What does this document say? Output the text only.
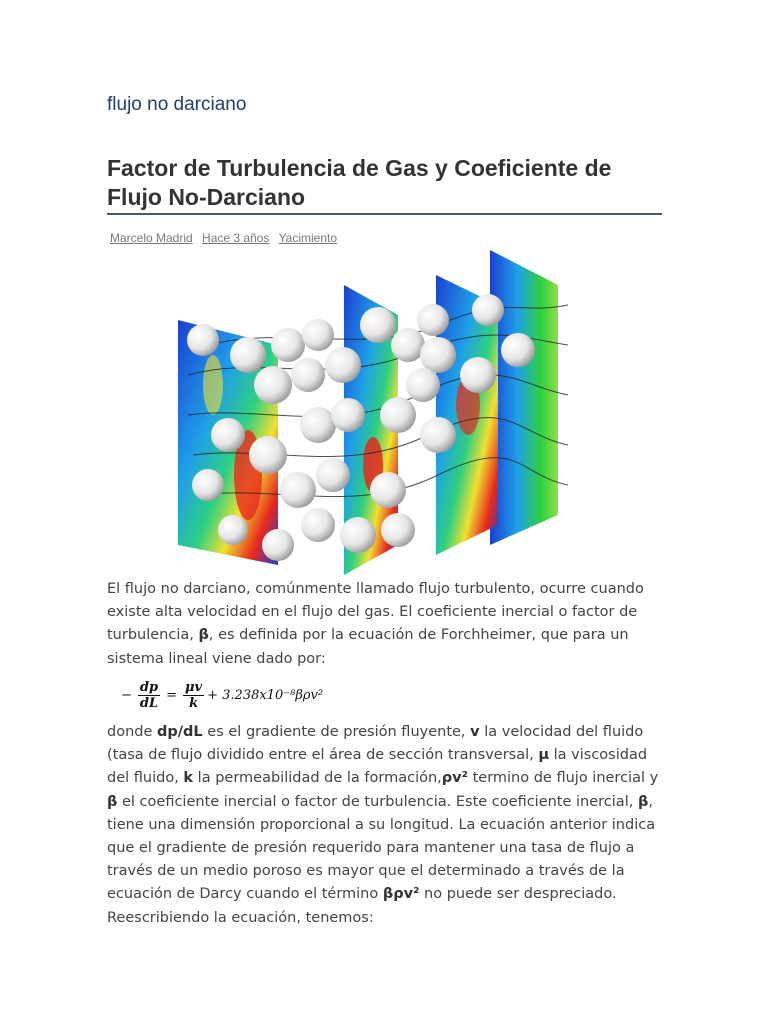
flujo no darciano
Factor de Turbulencia de Gas y Coeficiente de Flujo No-Darciano
Marcelo Madrid Hace 3 años Yacimiento

El flujo no darciano, comúnmente llamado flujo turbulento, ocurre cuando existe alta velocidad en el flujo del gas. El coeficiente inercial o factor de turbulencia, β, es definida por la ecuación de Forchheimer, que para un sistema lineal viene dado por:

− $\frac{dp}{dL} = \frac{\mu v}{k} + 3.238x10^{-8}\beta\rho v^2$

donde dp/dL es el gradiente de presión fluyente, v la velocidad del fluido (tasa de flujo dividido entre el área de sección transversal, μ la viscosidad del fluido, k la permeabilidad de la formación,ρv² termino de flujo inercial y β el coeficiente inercial o factor de turbulencia. Este coeficiente inercial, β, tiene una dimensión proporcional a su longitud. La ecuación anterior indica que el gradiente de presión requerido para mantener una tasa de flujo a través de un medio poroso es mayor que el determinado a través de la ecuación de Darcy cuando el término βρv² no puede ser despreciado. Reescribiendo la ecuación, tenemos:
